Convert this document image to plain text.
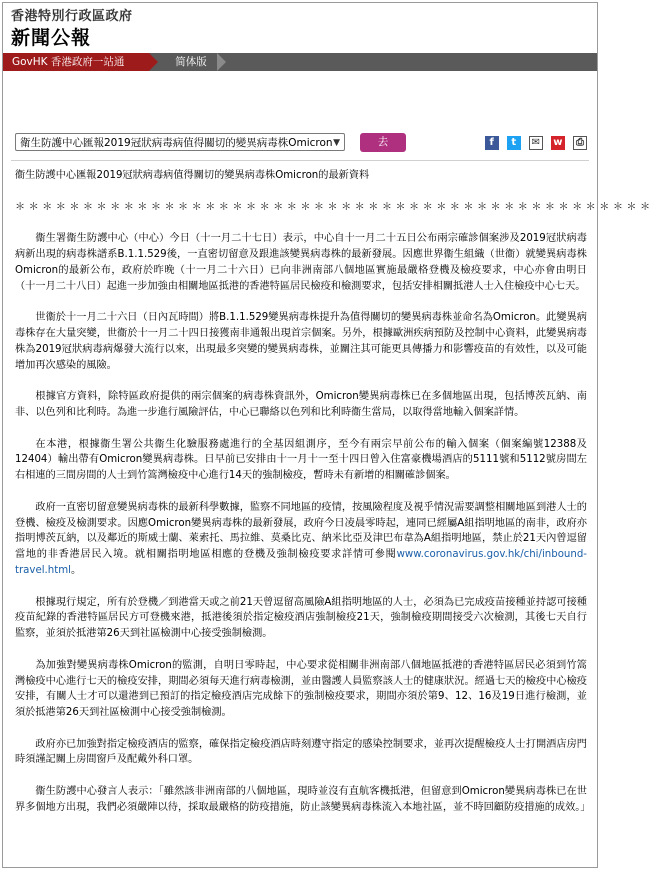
香港特別行政區政府
新聞公報
GovHK 香港政府一站通	简体版
衛生防護中心匯報2019冠狀病毒病值得關切的變異病毒株Omicron ▼	去	f t ✉ w ⎙

衞生防護中心匯報2019冠狀病毒病值得關切的變異病毒株Omicron的最新資料

＊＊＊＊＊＊＊＊＊＊＊＊＊＊＊＊＊＊＊＊＊＊＊＊＊＊＊＊＊＊＊＊＊＊＊＊＊＊＊＊＊＊＊＊＊＊＊

衞生署衞生防護中心（中心）今日（十一月二十七日）表示，中心自十一月二十五日公布兩宗確診個案涉及2019冠狀病毒病新出現的病毒株譜系B.1.1.529後，一直密切留意及跟進該變異病毒株的最新發展。因應世界衞生組織（世衞）就變異病毒株Omicron的最新公布，政府於昨晚（十一月二十六日）已向非洲南部八個地區實施最嚴格登機及檢疫要求，中心亦會由明日（十一月二十八日）起進一步加強由相關地區抵港的香港特區居民檢疫和檢測要求，包括安排相關抵港人士入住檢疫中心七天。

世衞於十一月二十六日（日內瓦時間）將B.1.1.529變異病毒株提升為值得關切的變異病毒株並命名為Omicron。此變異病毒株存在大量突變，世衞於十一月二十四日接獲南非通報出現首宗個案。另外，根據歐洲疾病預防及控制中心資料，此變異病毒株為2019冠狀病毒病爆發大流行以來，出現最多突變的變異病毒株，並關注其可能更具傳播力和影響疫苗的有效性，以及可能增加再次感染的風險。

根據官方資料，除特區政府提供的兩宗個案的病毒株資訊外，Omicron變異病毒株已在多個地區出現，包括博茨瓦納、南非、以色列和比利時。為進一步進行風險評估，中心已聯絡以色列和比利時衞生當局，以取得當地輸入個案詳情。

在本港，根據衞生署公共衞生化驗服務處進行的全基因組測序，至今有兩宗早前公布的輸入個案（個案編號12388及12404）輸出帶有Omicron變異病毒株。日早前已安排由十一月十一至十四日曾入住富豪機場酒店的5111號和5112號房間左右相連的三間房間的人士到竹篙灣檢疫中心進行14天的強制檢疫，暫時未有新增的相關確診個案。

政府一直密切留意變異病毒株的最新科學數據，監察不同地區的疫情，按風險程度及視乎情況需要調整相關地區到港人士的登機、檢疫及檢測要求。因應Omicron變異病毒株的最新發展，政府今日凌晨零時起，連同已經屬A組指明地區的南非，政府亦指明博茨瓦納，以及鄰近的斯威士蘭、萊索托、馬拉維、莫桑比克、納米比亞及津巴布韋為A組指明地區，禁止於21天內曾逗留當地的非香港居民入境。就相關指明地區相應的登機及強制檢疫要求詳情可參閱www.coronavirus.gov.hk/chi/inbound-travel.html。

根據現行規定，所有於登機／到港當天或之前21天曾逗留高風險A組指明地區的人士，必須為已完成疫苗接種並持認可接種疫苗紀錄的香港特區居民方可登機來港，抵港後須於指定檢疫酒店強制檢疫21天，強制檢疫期間接受六次檢測，其後七天自行監察，並須於抵港第26天到社區檢測中心接受強制檢測。

為加強對變異病毒株Omicron的監測，自明日零時起，中心要求從相關非洲南部八個地區抵港的香港特區居民必須到竹篙灣檢疫中心進行七天的檢疫安排，期間必須每天進行病毒檢測，並由醫護人員監察該人士的健康狀況。經過七天的檢疫中心檢疫安排，有關人士才可以還港到已預訂的指定檢疫酒店完成餘下的強制檢疫要求，期間亦須於第9、12、16及19日進行檢測，並須於抵港第26天到社區檢測中心接受強制檢測。

政府亦已加強對指定檢疫酒店的監察，確保指定檢疫酒店時刻遵守指定的感染控制要求，並再次提醒檢疫人士打開酒店房門時須謹記關上房間窗戶及配戴外科口罩。

衞生防護中心發言人表示：「雖然該非洲南部的八個地區，現時並沒有直航客機抵港，但留意到Omicron變異病毒株已在世界多個地方出現，我們必須嚴陣以待，採取最嚴格的防疫措施，防止該變異病毒株流入本地社區，並不時回顧防疫措施的成效。」
